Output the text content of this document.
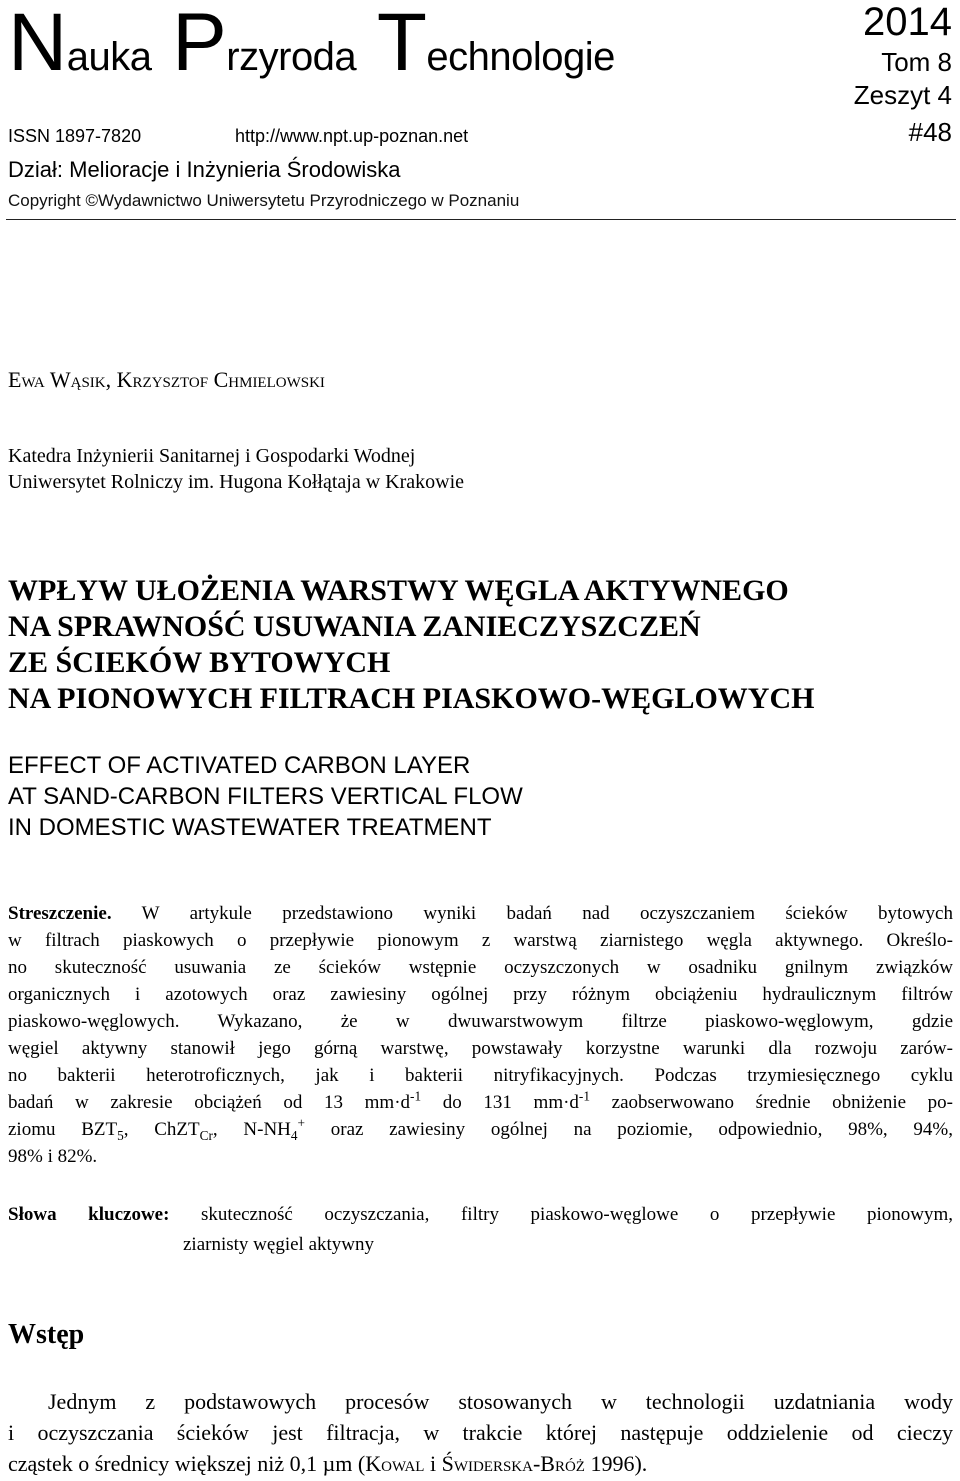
Nauka Przyroda Technologie
2014
Tom 8
Zeszyt 4
#48
ISSN 1897-7820	http://www.npt.up-poznan.net
Dział: Melioracje i Inżynieria Środowiska
Copyright ©Wydawnictwo Uniwersytetu Przyrodniczego w Poznaniu
Ewa Wąsik, Krzysztof Chmielowski
Katedra Inżynierii Sanitarnej i Gospodarki Wodnej
Uniwersytet Rolniczy im. Hugona Kołłątaja w Krakowie
WPŁYW UŁOŻENIA WARSTWY WĘGLA AKTYWNEGO
NA SPRAWNOŚĆ USUWANIA ZANIECZYSZCZEŃ
ZE ŚCIEKÓW BYTOWYCH
NA PIONOWYCH FILTRACH PIASKOWO-WĘGLOWYCH
EFFECT OF ACTIVATED CARBON LAYER
AT SAND-CARBON FILTERS VERTICAL FLOW
IN DOMESTIC WASTEWATER TREATMENT
Streszczenie. W artykule przedstawiono wyniki badań nad oczyszczaniem ścieków bytowych
w filtrach piaskowych o przepływie pionowym z warstwą ziarnistego węgla aktywnego. Określo-
no skuteczność usuwania ze ścieków wstępnie oczyszczonych w osadniku gnilnym związków
organicznych i azotowych oraz zawiesiny ogólnej przy różnym obciążeniu hydraulicznym filtrów
piaskowo-węglowych. Wykazano, że w dwuwarstwowym filtrze piaskowo-węglowym, gdzie
węgiel aktywny stanowił jego górną warstwę, powstawały korzystne warunki dla rozwoju zarów-
no bakterii heterotroficznych, jak i bakterii nitryfikacyjnych. Podczas trzymiesięcznego cyklu
badań w zakresie obciążeń od 13 $mm\cdot d^{-1}$ do 131 $mm\cdot d^{-1}$ zaobserwowano średnie obniżenie po-
ziomu $BZT_5$, ChZT$_{Cr}$, $N-NH_4^+$ oraz zawiesiny ogólnej na poziomie, odpowiednio, 98%, 94%,
98% i 82%.
Słowa kluczowe: skuteczność oczyszczania, filtry piaskowo-węglowe o przepływie pionowym,
ziarnisty węgiel aktywny
Wstęp
Jednym z podstawowych procesów stosowanych w technologii uzdatniania wody
i oczyszczania ścieków jest filtracja, w trakcie której następuje oddzielenie od cieczy
cząstek o średnicy większej niż 0,1 µm (Kowal i Świderska-Bróż 1996).
